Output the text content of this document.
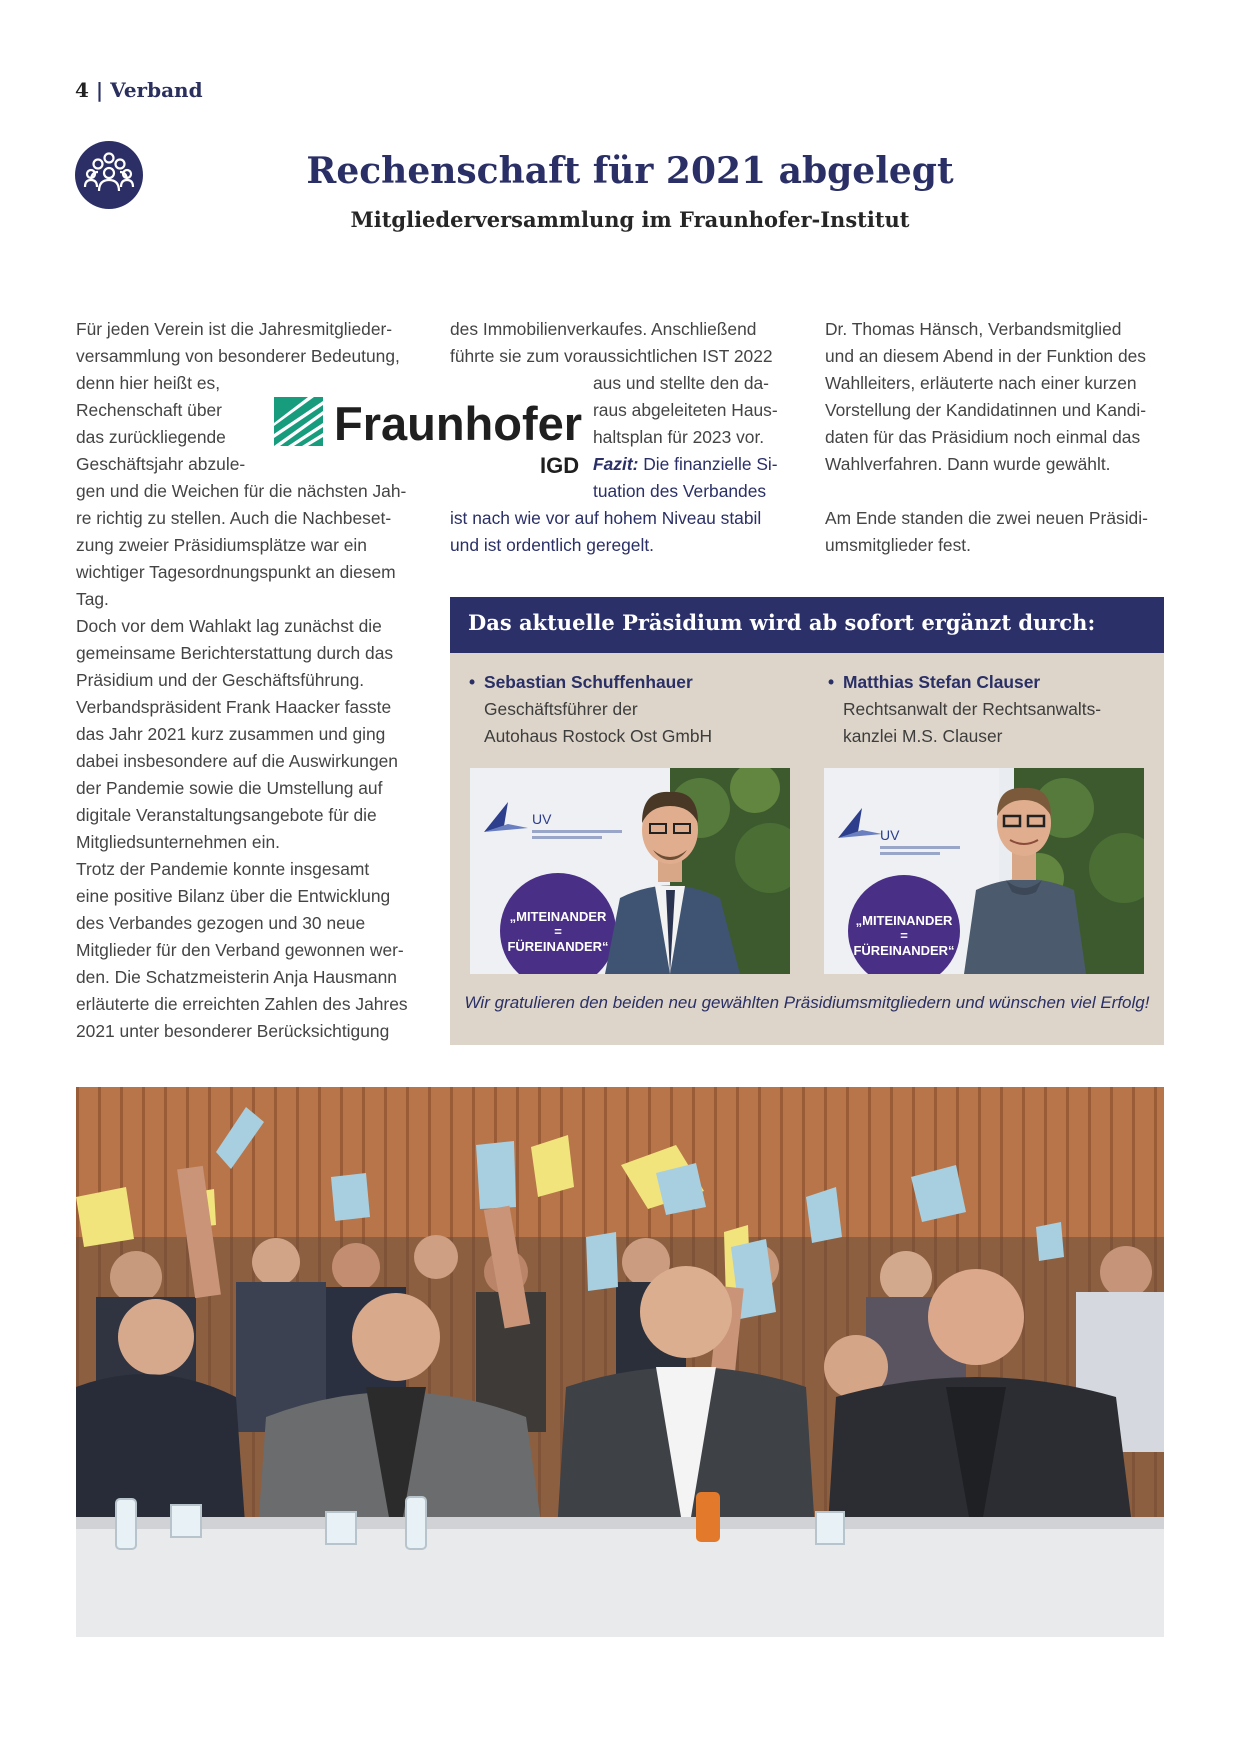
4 | Verband
Rechenschaft für 2021 abgelegt
Mitgliederversammlung im Fraunhofer-Institut

Für jeden Verein ist die Jahresmitglieder-

versammlung von besonderer Bedeutung,

denn hier heißt es,

Rechenschaft über

das zurückliegende

Geschäftsjahr abzule-

gen und die Weichen für die nächsten Jah-

re richtig zu stellen. Auch die Nachbeset-

zung zweier Präsidiumsplätze war ein

wichtiger Tagesordnungspunkt an diesem

Tag.

Doch vor dem Wahlakt lag zunächst die

gemeinsame Berichterstattung durch das

Präsidium und der Geschäftsführung.

Verbandspräsident Frank Haacker fasste

das Jahr 2021 kurz zusammen und ging

dabei insbesondere auf die Auswirkungen

der Pandemie sowie die Umstellung auf

digitale Veranstaltungsangebote für die

Mitgliedsunternehmen ein.

Trotz der Pandemie konnte insgesamt

eine positive Bilanz über die Entwicklung

des Verbandes gezogen und 30 neue

Mitglieder für den Verband gewonnen wer-

den. Die Schatzmeisterin Anja Hausmann

erläuterte die erreichten Zahlen des Jahres

2021 unter besonderer Berücksichtigung

Fraunhofer
IGD

des Immobilienverkaufes. Anschließend

führte sie zum voraussichtlichen IST 2022

aus und stellte den da-

raus abgeleiteten Haus-

haltsplan für 2023 vor.

Fazit: Die finanzielle Si-

tuation des Verbandes

ist nach wie vor auf hohem Niveau stabil

und ist ordentlich geregelt.

Dr. Thomas Hänsch, Verbandsmitglied

und an diesem Abend in der Funktion des

Wahlleiters, erläuterte nach einer kurzen

Vorstellung der Kandidatinnen und Kandi-

daten für das Präsidium noch einmal das

Wahlverfahren. Dann wurde gewählt.

Am Ende standen die zwei neuen Präsidi-

umsmitglieder fest.

Das aktuelle Präsidium wird ab sofort ergänzt durch:
• Sebastian Schuffenhauer
Geschäftsführer der
Autohaus Rostock Ost GmbH
• Matthias Stefan Clauser
Rechtsanwalt der Rechtsanwalts-
kanzlei M.S. Clauser
UV
„MITEINANDER
=
FÜREINANDER“
UV
„MITEINANDER
=
FÜREINANDER“
Wir gratulieren den beiden neu gewählten Präsidiumsmitgliedern und wünschen viel Erfolg!
